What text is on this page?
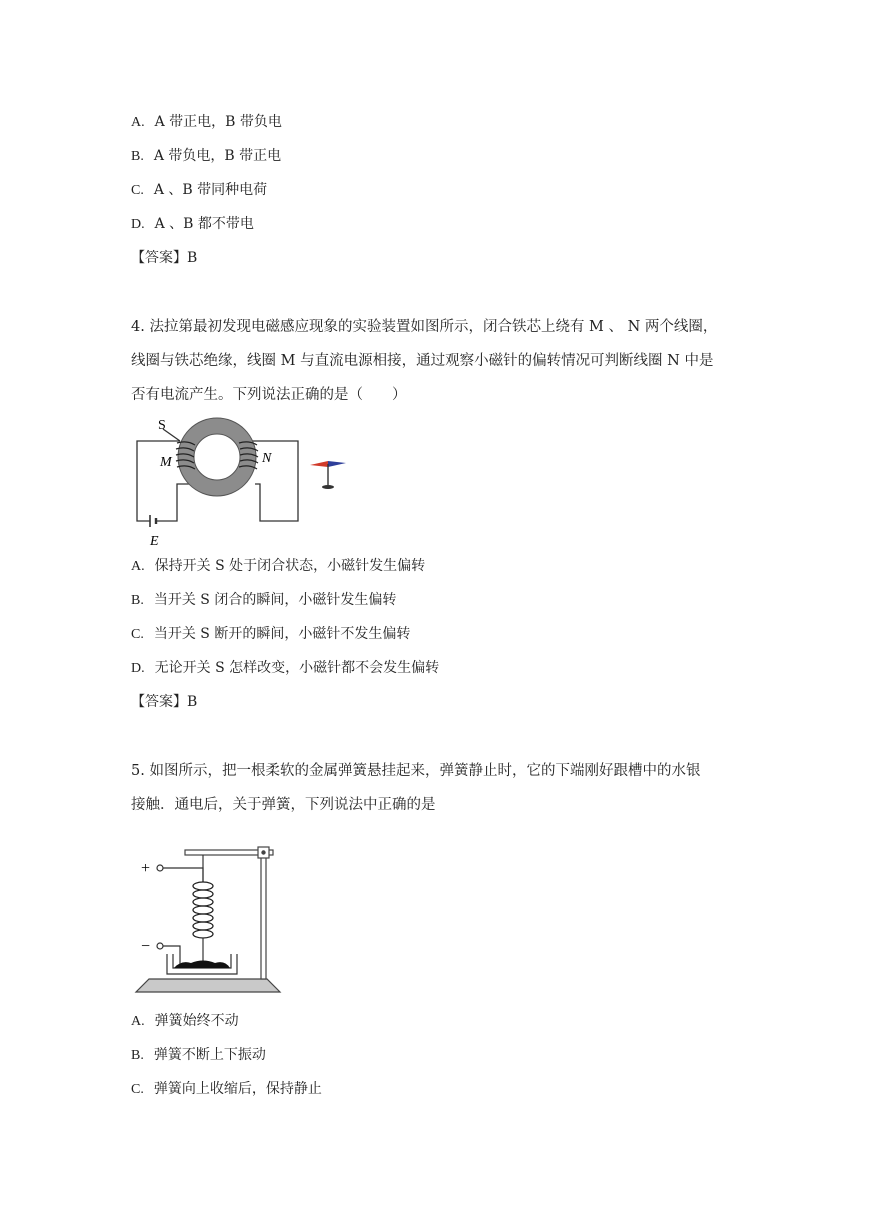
A. A 带正电，B 带负电
B. A 带负电，B 带正电
C. A 、B 带同种电荷
D. A 、B 都不带电
【答案】B
4. 法拉第最初发现电磁感应现象的实验装置如图所示，闭合铁芯上绕有 M 、 N 两个线圈，
线圈与铁芯绝缘，线圈 M 与直流电源相接，通过观察小磁针的偏转情况可判断线圈 N 中是
否有电流产生。下列说法正确的是（　　）
S
M	N
E
A. 保持开关 S 处于闭合状态，小磁针发生偏转
B. 当开关 S 闭合的瞬间，小磁针发生偏转
C. 当开关 S 断开的瞬间，小磁针不发生偏转
D. 无论开关 S 怎样改变，小磁针都不会发生偏转
【答案】B
5. 如图所示，把一根柔软的金属弹簧悬挂起来，弹簧静止时，它的下端刚好跟槽中的水银
接触．通电后，关于弹簧，下列说法中正确的是
+
−
A. 弹簧始终不动
B. 弹簧不断上下振动
C. 弹簧向上收缩后，保持静止
